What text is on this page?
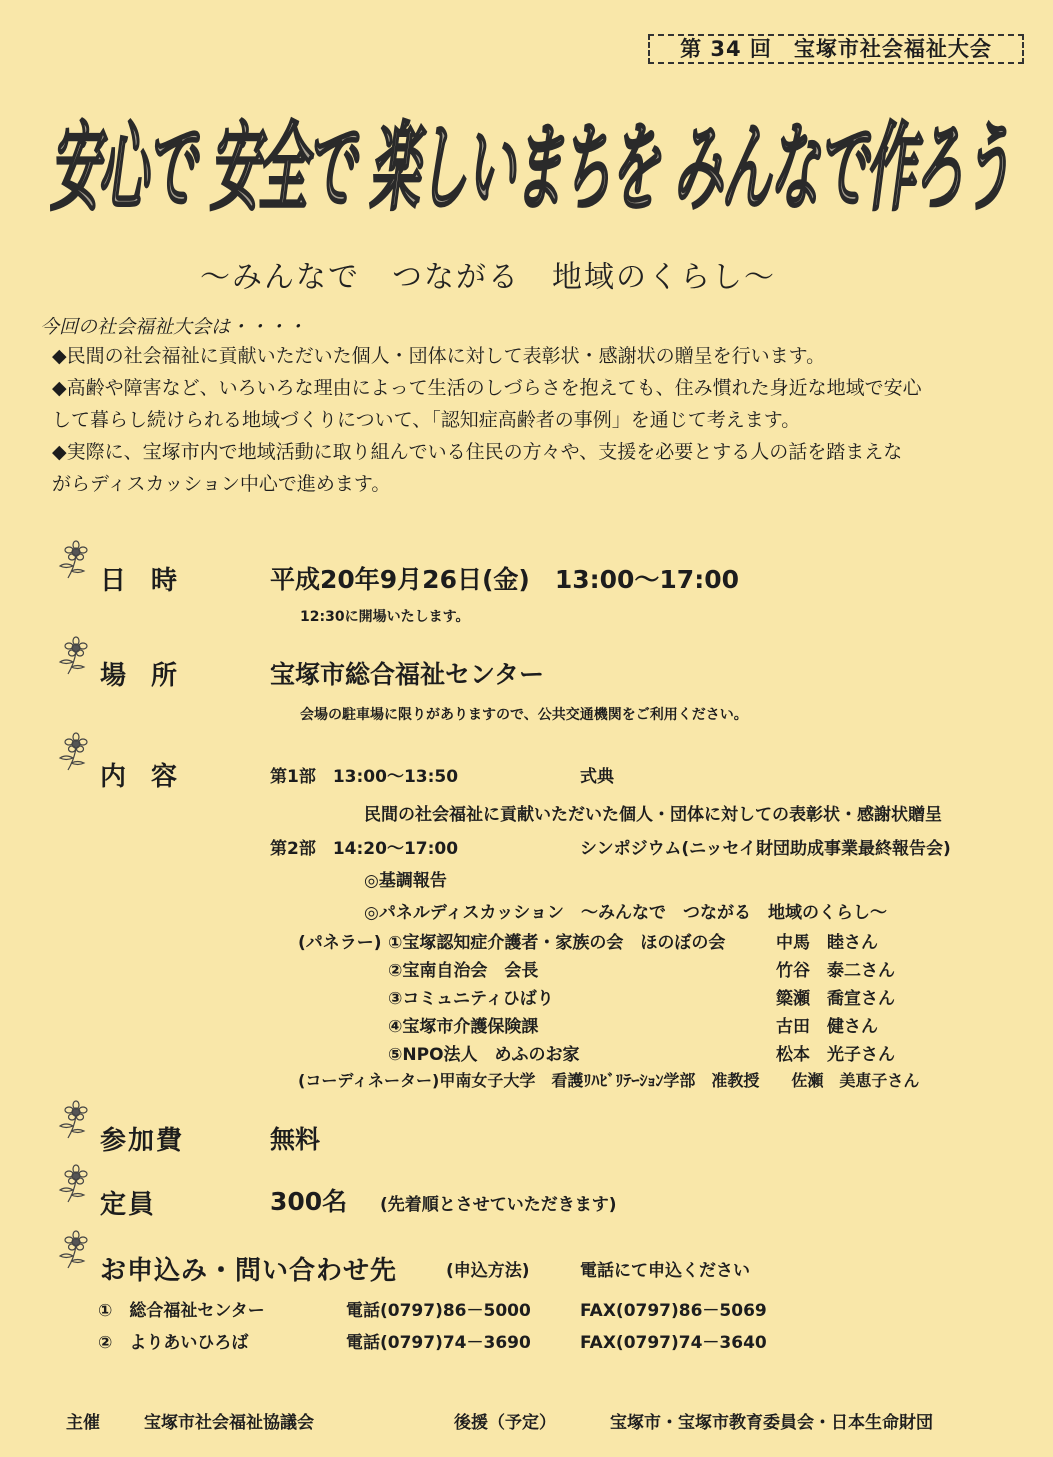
第 34 回　宝塚市社会福祉大会
安心で 安全で 楽しいまちを みんなで作ろう
～みんなで　つながる　地域のくらし～
今回の社会福祉大会は・・・・
◆民間の社会福祉に貢献いただいた個人・団体に対して表彰状・感謝状の贈呈を行います。
◆高齢や障害など、いろいろな理由によって生活のしづらさを抱えても、住み慣れた身近な地域で安心
して暮らし続けられる地域づくりについて、「認知症高齢者の事例」を通じて考えます。
◆実際に、宝塚市内で地域活動に取り組んでいる住民の方々や、支援を必要とする人の話を踏まえな
がらディスカッション中心で進めます。
日 時	平成20年9月26日(金)　13:00～17:00
12:30に開場いたします。
場 所	宝塚市総合福祉センター
会場の駐車場に限りがありますので、公共交通機関をご利用ください。
内 容	第1部　13:00～13:50	式典
民間の社会福祉に貢献いただいた個人・団体に対しての表彰状・感謝状贈呈
第2部　14:20～17:00	シンポジウム(ニッセイ財団助成事業最終報告会)
◎基調報告
◎パネルディスカッション　～みんなで　つながる　地域のくらし～
(パネラー) ①宝塚認知症介護者・家族の会　ほのぼの会	中馬　睦さん
②宝南自治会　会長	竹谷　泰二さん
③コミュニティひばり	簗瀬　喬宣さん
④宝塚市介護保険課	古田　健さん
⑤NPO法人　めふのお家	松本　光子さん
(コーディネーター)甲南女子大学　看護ﾘﾊﾋﾞﾘﾃｰｼｮﾝ学部　准教授　　佐瀬　美恵子さん
参加費	無料
定員	300名 (先着順とさせていただきます)
お申込み・問い合わせ先	(申込方法)	電話にて申込ください
①　総合福祉センター	電話(0797)86－5000	FAX(0797)86－5069
②　よりあいひろば	電話(0797)74－3690	FAX(0797)74－3640
主催	宝塚市社会福祉協議会	後援（予定）	宝塚市・宝塚市教育委員会・日本生命財団
